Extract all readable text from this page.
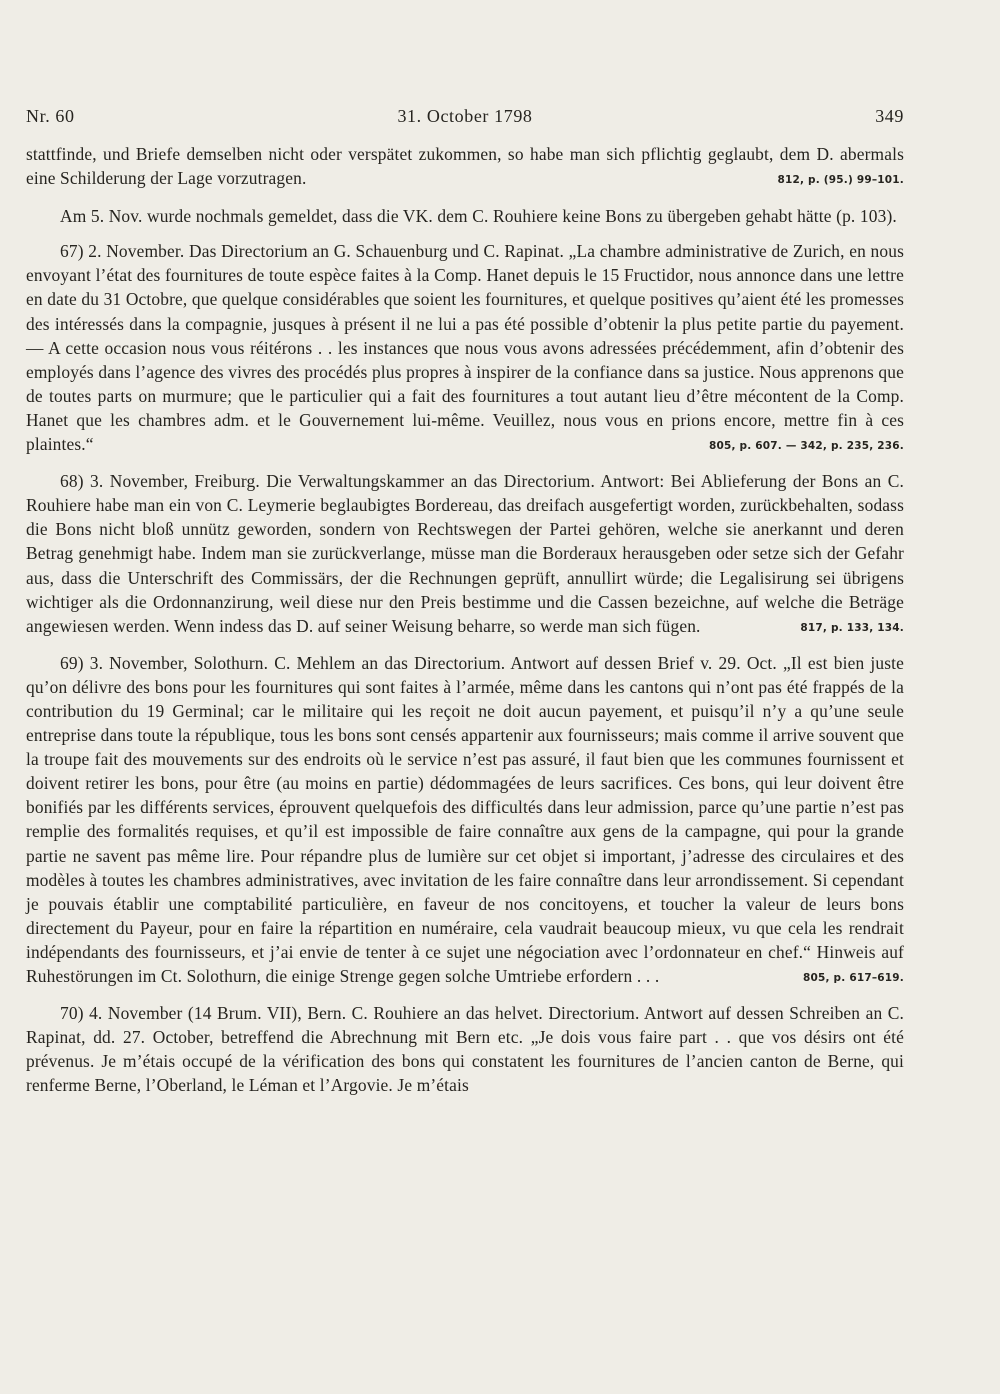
Nr. 60	31. October 1798	349

stattfinde, und Briefe demselben nicht oder verspätet zukommen, so habe man sich pflichtig geglaubt, dem D. abermals eine Schilderung der Lage vorzutragen.	812, p. (95.) 99–101.

Am 5. Nov. wurde nochmals gemeldet, dass die VK. dem C. Rouhiere keine Bons zu übergeben gehabt hätte (p. 103).

67) 2. November. Das Directorium an G. Schauenburg und C. Rapinat. „La chambre administrative de Zurich, en nous envoyant l’état des fournitures de toute espèce faites à la Comp. Hanet depuis le 15 Fructidor, nous annonce dans une lettre en date du 31 Octobre, que quelque considérables que soient les fournitures, et quelque positives qu’aient été les promesses des intéressés dans la compagnie, jusques à présent il ne lui a pas été possible d’obtenir la plus petite partie du payement. — A cette occasion nous vous réitérons . . les instances que nous vous avons adressées précédemment, afin d’obtenir des employés dans l’agence des vivres des procédés plus propres à inspirer de la confiance dans sa justice. Nous apprenons que de toutes parts on murmure; que le particulier qui a fait des fournitures a tout autant lieu d’être mécontent de la Comp. Hanet que les chambres adm. et le Gouvernement lui-même. Veuillez, nous vous en prions encore, mettre fin à ces plaintes.“	805, p. 607. — 342, p. 235, 236.

68) 3. November, Freiburg. Die Verwaltungskammer an das Directorium. Antwort: Bei Ablieferung der Bons an C. Rouhiere habe man ein von C. Leymerie beglaubigtes Bordereau, das dreifach ausgefertigt worden, zurückbehalten, sodass die Bons nicht bloß unnütz geworden, sondern von Rechtswegen der Partei gehören, welche sie anerkannt und deren Betrag genehmigt habe. Indem man sie zurückverlange, müsse man die Borderaux herausgeben oder setze sich der Gefahr aus, dass die Unterschrift des Commissärs, der die Rechnungen geprüft, annullirt würde; die Legalisirung sei übrigens wichtiger als die Ordonnanzirung, weil diese nur den Preis bestimme und die Cassen bezeichne, auf welche die Beträge angewiesen werden. Wenn indess das D. auf seiner Weisung beharre, so werde man sich fügen.	817, p. 133, 134.

69) 3. November, Solothurn. C. Mehlem an das Directorium. Antwort auf dessen Brief v. 29. Oct. „Il est bien juste qu’on délivre des bons pour les fournitures qui sont faites à l’armée, même dans les cantons qui n’ont pas été frappés de la contribution du 19 Germinal; car le militaire qui les reçoit ne doit aucun payement, et puisqu’il n’y a qu’une seule entreprise dans toute la république, tous les bons sont censés appartenir aux fournisseurs; mais comme il arrive souvent que la troupe fait des mouvements sur des endroits où le service n’est pas assuré, il faut bien que les communes fournissent et doivent retirer les bons, pour être (au moins en partie) dédommagées de leurs sacrifices. Ces bons, qui leur doivent être bonifiés par les différents services, éprouvent quelquefois des difficultés dans leur admission, parce qu’une partie n’est pas remplie des formalités requises, et qu’il est impossible de faire connaître aux gens de la campagne, qui pour la grande partie ne savent pas même lire. Pour répandre plus de lumière sur cet objet si important, j’adresse des circulaires et des modèles à toutes les chambres administratives, avec invitation de les faire connaître dans leur arrondissement. Si cependant je pouvais établir une comptabilité particulière, en faveur de nos concitoyens, et toucher la valeur de leurs bons directement du Payeur, pour en faire la répartition en numéraire, cela vaudrait beaucoup mieux, vu que cela les rendrait indépendants des fournisseurs, et j’ai envie de tenter à ce sujet une négociation avec l’ordonnateur en chef.“ Hinweis auf Ruhestörungen im Ct. Solothurn, die einige Strenge gegen solche Umtriebe erfordern . . .	805, p. 617–619.

70) 4. November (14 Brum. VII), Bern. C. Rouhiere an das helvet. Directorium. Antwort auf dessen Schreiben an C. Rapinat, dd. 27. October, betreffend die Abrechnung mit Bern etc. „Je dois vous faire part . . que vos désirs ont été prévenus. Je m’étais occupé de la vérification des bons qui constatent les fournitures de l’ancien canton de Berne, qui renferme Berne, l’Oberland, le Léman et l’Argovie. Je m’étais
